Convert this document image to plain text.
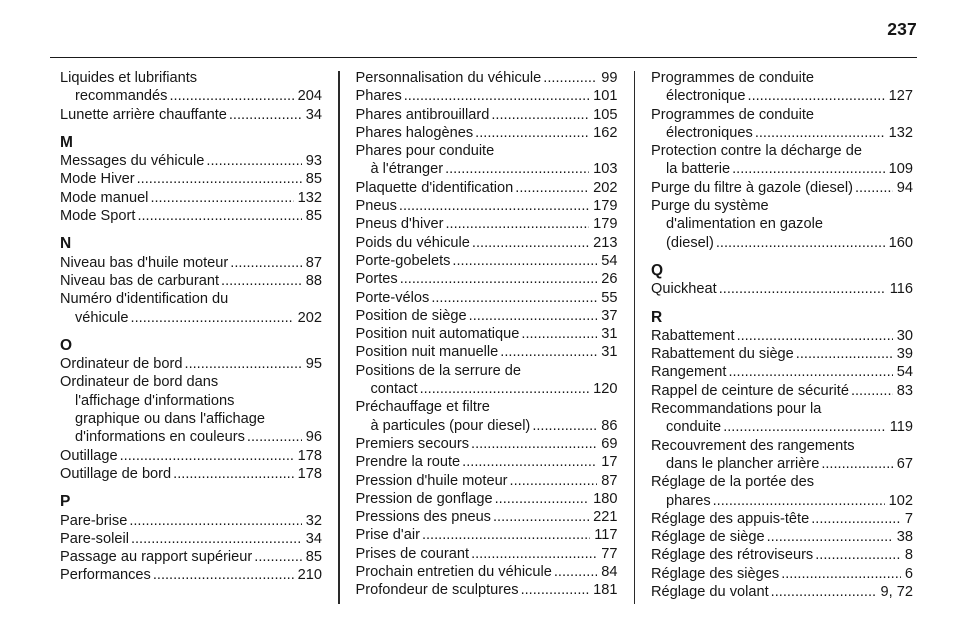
237
Liquides et lubrifiants
recommandés .....	204
Lunette arrière chauffante .....	34
M
Messages du véhicule .....	93
Mode Hiver .....	85
Mode manuel .....	132
Mode Sport .....	85
N
Niveau bas d'huile moteur .....	87
Niveau bas de carburant .....	88
Numéro d'identification du
véhicule .....	202
O
Ordinateur de bord .....	95
Ordinateur de bord dans
l'affichage d'informations
graphique ou dans l'affichage
d'informations en couleurs .....	96
Outillage .....	178
Outillage de bord .....	178
P
Pare-brise .....	32
Pare-soleil .....	34
Passage au rapport supérieur .....	85
Performances .....	210
Personnalisation du véhicule .....	99
Phares .....	101
Phares antibrouillard .....	105
Phares halogènes .....	162
Phares pour conduite
à l'étranger .....	103
Plaquette d'identification .....	202
Pneus .....	179
Pneus d'hiver .....	179
Poids du véhicule .....	213
Porte-gobelets .....	54
Portes .....	26
Porte-vélos .....	55
Position de siège .....	37
Position nuit automatique .....	31
Position nuit manuelle .....	31
Positions de la serrure de
contact .....	120
Préchauffage et filtre
à particules (pour diesel) .....	86
Premiers secours .....	69
Prendre la route .....	17
Pression d'huile moteur .....	87
Pression de gonflage .....	180
Pressions des pneus .....	221
Prise d'air .....	117
Prises de courant .....	77
Prochain entretien du véhicule .....	84
Profondeur de sculptures .....	181
Programmes de conduite
électronique .....	127
Programmes de conduite
électroniques .....	132
Protection contre la décharge de
la batterie .....	109
Purge du filtre à gazole (diesel) .....	94
Purge du système
d'alimentation en gazole
(diesel) .....	160
Q
Quickheat .....	116
R
Rabattement .....	30
Rabattement du siège .....	39
Rangement .....	54
Rappel de ceinture de sécurité .....	83
Recommandations pour la
conduite .....	119
Recouvrement des rangements
dans le plancher arrière .....	67
Réglage de la portée des
phares .....	102
Réglage des appuis-tête .....	7
Réglage de siège .....	38
Réglage des rétroviseurs .....	8
Réglage des sièges .....	6
Réglage du volant .....	9, 72
